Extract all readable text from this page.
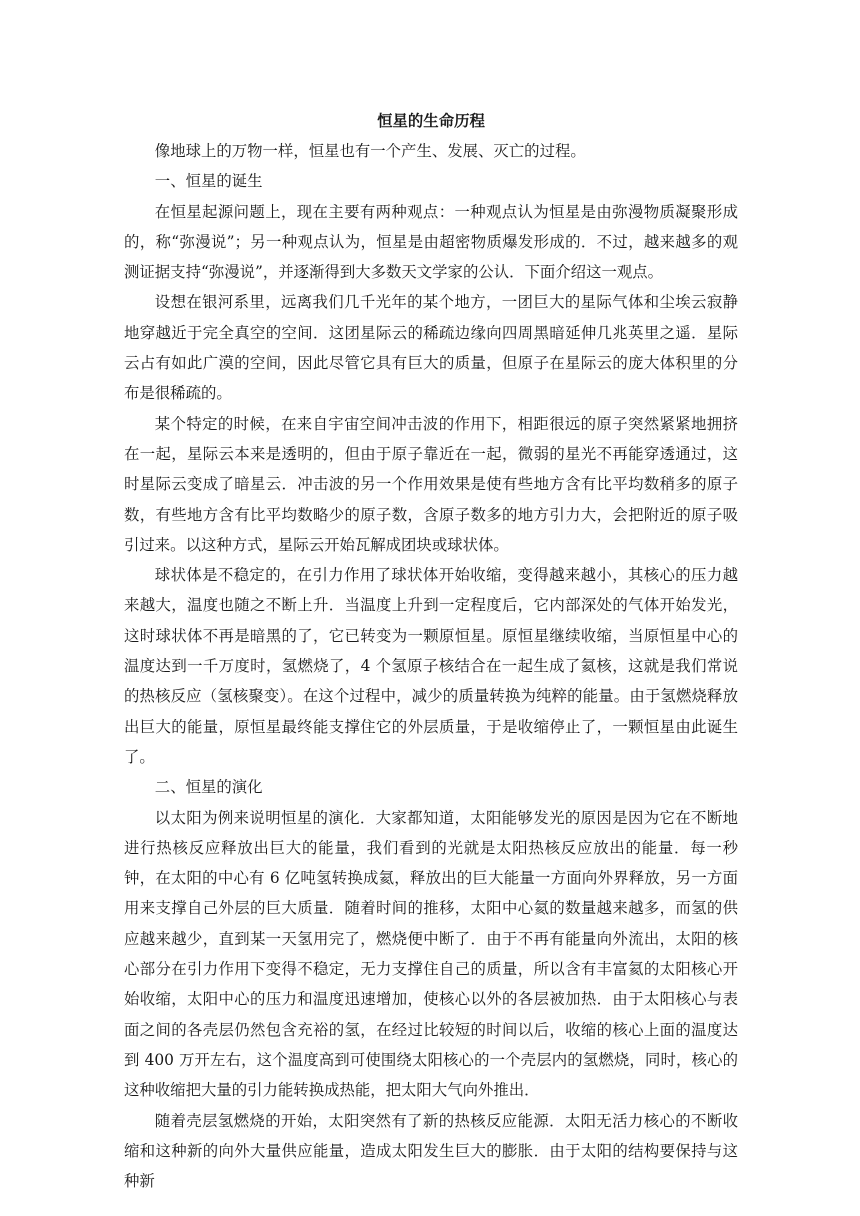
恒星的生命历程

像地球上的万物一样，恒星也有一个产生、发展、灭亡的过程。

一、恒星的诞生

在恒星起源问题上，现在主要有两种观点：一种观点认为恒星是由弥漫物质凝聚形成的，称“弥漫说”；另一种观点认为，恒星是由超密物质爆发形成的．不过，越来越多的观测证据支持“弥漫说”，并逐渐得到大多数天文学家的公认．下面介绍这一观点。

设想在银河系里，远离我们几千光年的某个地方，一团巨大的星际气体和尘埃云寂静地穿越近于完全真空的空间．这团星际云的稀疏边缘向四周黑暗延伸几兆英里之遥．星际云占有如此广漠的空间，因此尽管它具有巨大的质量，但原子在星际云的庞大体积里的分布是很稀疏的。

某个特定的时候，在来自宇宙空间冲击波的作用下，相距很远的原子突然紧紧地拥挤在一起，星际云本来是透明的，但由于原子靠近在一起，微弱的星光不再能穿透通过，这时星际云变成了暗星云．冲击波的另一个作用效果是使有些地方含有比平均数稍多的原子数，有些地方含有比平均数略少的原子数，含原子数多的地方引力大，会把附近的原子吸引过来。以这种方式，星际云开始瓦解成团块或球状体。

球状体是不稳定的，在引力作用了球状体开始收缩，变得越来越小，其核心的压力越来越大，温度也随之不断上升．当温度上升到一定程度后，它内部深处的气体开始发光，这时球状体不再是暗黑的了，它已转变为一颗原恒星。原恒星继续收缩，当原恒星中心的温度达到一千万度时，氢燃烧了，4 个氢原子核结合在一起生成了氦核，这就是我们常说的热核反应（氢核聚变）。在这个过程中，减少的质量转换为纯粹的能量。由于氢燃烧释放出巨大的能量，原恒星最终能支撑住它的外层质量，于是收缩停止了，一颗恒星由此诞生了。

二、恒星的演化

以太阳为例来说明恒星的演化．大家都知道，太阳能够发光的原因是因为它在不断地进行热核反应释放出巨大的能量，我们看到的光就是太阳热核反应放出的能量．每一秒钟，在太阳的中心有 6 亿吨氢转换成氦，释放出的巨大能量一方面向外界释放，另一方面用来支撑自己外层的巨大质量．随着时间的推移，太阳中心氦的数量越来越多，而氢的供应越来越少，直到某一天氢用完了，燃烧便中断了．由于不再有能量向外流出，太阳的核心部分在引力作用下变得不稳定，无力支撑住自己的质量，所以含有丰富氦的太阳核心开始收缩，太阳中心的压力和温度迅速增加，使核心以外的各层被加热．由于太阳核心与表面之间的各壳层仍然包含充裕的氢，在经过比较短的时间以后，收缩的核心上面的温度达到 400 万开左右，这个温度高到可使围绕太阳核心的一个壳层内的氢燃烧，同时，核心的这种收缩把大量的引力能转换成热能，把太阳大气向外推出．

随着壳层氢燃烧的开始，太阳突然有了新的热核反应能源．太阳无活力核心的不断收缩和这种新的向外大量供应能量，造成太阳发生巨大的膨胀．由于太阳的结构要保持与这种新
